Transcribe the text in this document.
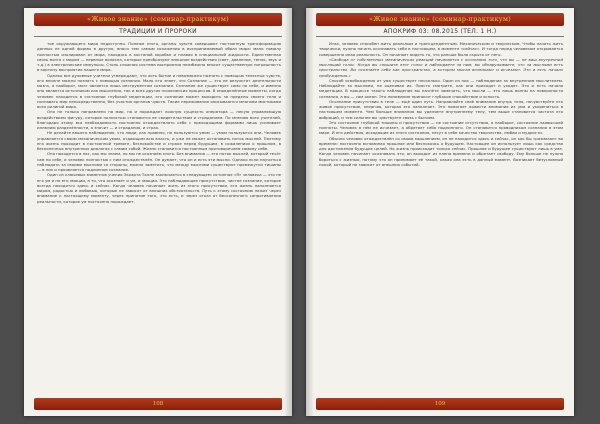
«Живое знание» (семинар-практикум)
ТРАДИЦИИ И ПРОРОКИ

тое окружающего мира недоступно. Понеже этого, органы чувств совершают постоянную трансформацию данных из одной формы в другую, внося тем самым искажения в воспринимаемый образ мира: мало помалу полностью изолирован от мира, находясь в костяной коробке и плавая в специальной жидкости. Единственная связь мозга с миром — нервные волокна, которые преобразуют внешние воздействия (свет, давление, тепло, звук и т.д.) в электрические импульсы. Столь сложная система восприятия неизбежно вносит существенную погрешность в картину восприятия нашего мира.

Однако все духовные учители утверждают, что хоть бытие и невозможно познать с помощью телесных чувств, его вполне можно познать с помощью сознания. Мало кто знает, что Сознание — это не результат деятельности мозга, а наоборот, мозг является лишь инструментом сознания. Сознание же существует само по себе, и именно оно является источником как мышления, так и всех других психических процессов. В определённые моменты, когда человек находится в состоянии глубокой медитации, его сознание может выходить за пределы своего тела и познавать мир непосредственно, без участия органов чувств. Такие переживания описываются многими мистиками всех религий мира.

Оно не только направлено на мир, но и порождает ложную сущность оператора — некую управляющую воздействием фигуру, которое полностью становится ее свидетельством и страданием. По мнению всех учителей, благодаря этому вся необходимость постоянно отождествлять себя с преходящими формами лишь усиливает иллюзию разделённости, а значит — и страдания, и страх.

Не делайте вашего наблюдения, что люди, как правило, не пользуются умом — умом пользуются они. Человек управляется своим механическим умом, отдающим всю власть, и уже не может остановить поток мыслей. Поэтому его жизнь проходит в постоянной тревоге, беспокойстве и страхе перед будущим, в сожалениях о прошлом, в бесконечных внутренних диалогах с самим собой. Жизнь становится постоянным противоречием самому себе.

Оно находится в нас, как мы знаем, но мы не осознаём этого. Без внимания — это поток мыслей, который течёт сам по себе, и человек полностью с ним отождествлён. Он думает, что он и есть эти мысли. Однако если научиться наблюдать за своими мыслями со стороны, можно заметить, что между мыслями существуют промежутки тишины — в них и проявляется подлинное сознание.

Один из ключевых моментов учения Экхарта Толле заключается в следующем: истинное «Я» человека — это не его ум и не его эмоции, а то, что осознаёт и ум, и эмоции. Это наблюдающее присутствие, чистое сознание, которое всегда находится здесь и сейчас. Когда человек начинает жить из этого присутствия, его жизнь наполняется миром, радостью и любовью, которые не зависят от внешних обстоятельств. Путь к этому состоянию лежит через внимание к настоящему моменту, через принятие того, что есть, и через отказ от бесконечного сопротивления реальности, которое ум постоянно порождает.

108
«Живое знание» (семинар-практикум)
АПОКРИФ 03: 08.2015 (ТЕЛ. 1 Н.)

Итак, человек способен жить реальным и трансцендентным. Механическим и творческим. Чтобы начать жить творчески, нужно начать осознавать себя в настоящем, в моменте «сейчас». И тогда перед человеком открывается совершенно иная реальность. Он начинает видеть то, что раньше было скрыто от него.

«Свобода от собственных механических реакций начинается с осознания того, что вы — не ваш внутренний мыслящий голос. Когда вы слышите этот голос и наблюдаете за ним, вы обнаруживаете, что за мыслями есть пространство. Вы осознаёте себя как пространство, в котором мысли возникают и исчезают. Это и есть начало пробуждения.»

Способ освобождения от ума существует несколько. Один из них — наблюдение за внутренним мыслителем. Наблюдайте за мыслями, не оценивая их. Просто смотрите, как они приходят и уходят. Это и есть начало медитации. В процессе такого наблюдения вы начнёте замечать, что мысли — это лишь волны на поверхности сознания, а вы — сам океан. Это понимание приносит глубокое спокойствие и ясность.

Осознание присутствия в теле — ещё один путь. Направляйте своё внимание внутрь тела, почувствуйте его живое присутствие, энергию, которая его наполняет. Это помогает вывести внимание из ума и укорениться в настоящем моменте. Чем больше внимания вы уделяете внутреннему телу, тем выше становится частота его вибраций, и тем сильнее вы чувствуете связь с бытием.

Это состояние глубокой тишины и присутствия — не состояние отсутствия, а наоборот, состояние наивысшей полноты. Человек в нём не исчезает, а обретает себя подлинного. Он становится проводником сознания в этом мире. И его действия, исходящие из этого состояния, несут в себе качество творчества, любви и мудрости.

Обычно человек отождествлён со своим мышлением, он не находится здесь и сейчас, он как бы «размазан» во времени: постоянно вспоминая прошлое или беспокоясь о будущем. Настоящее он использует лишь как средство для достижения будущих целей. Но жизнь происходит только сейчас. Прошлое и будущее существуют лишь в уме. Когда человек начинает осознавать это, он выходит из плена времени и обретает свободу. Ему больше не нужно бороться с жизнью, потому что он принимает её такой, какая она есть в данный момент. Возникает безусловный покой, который не зависит от внешних событий.

109
